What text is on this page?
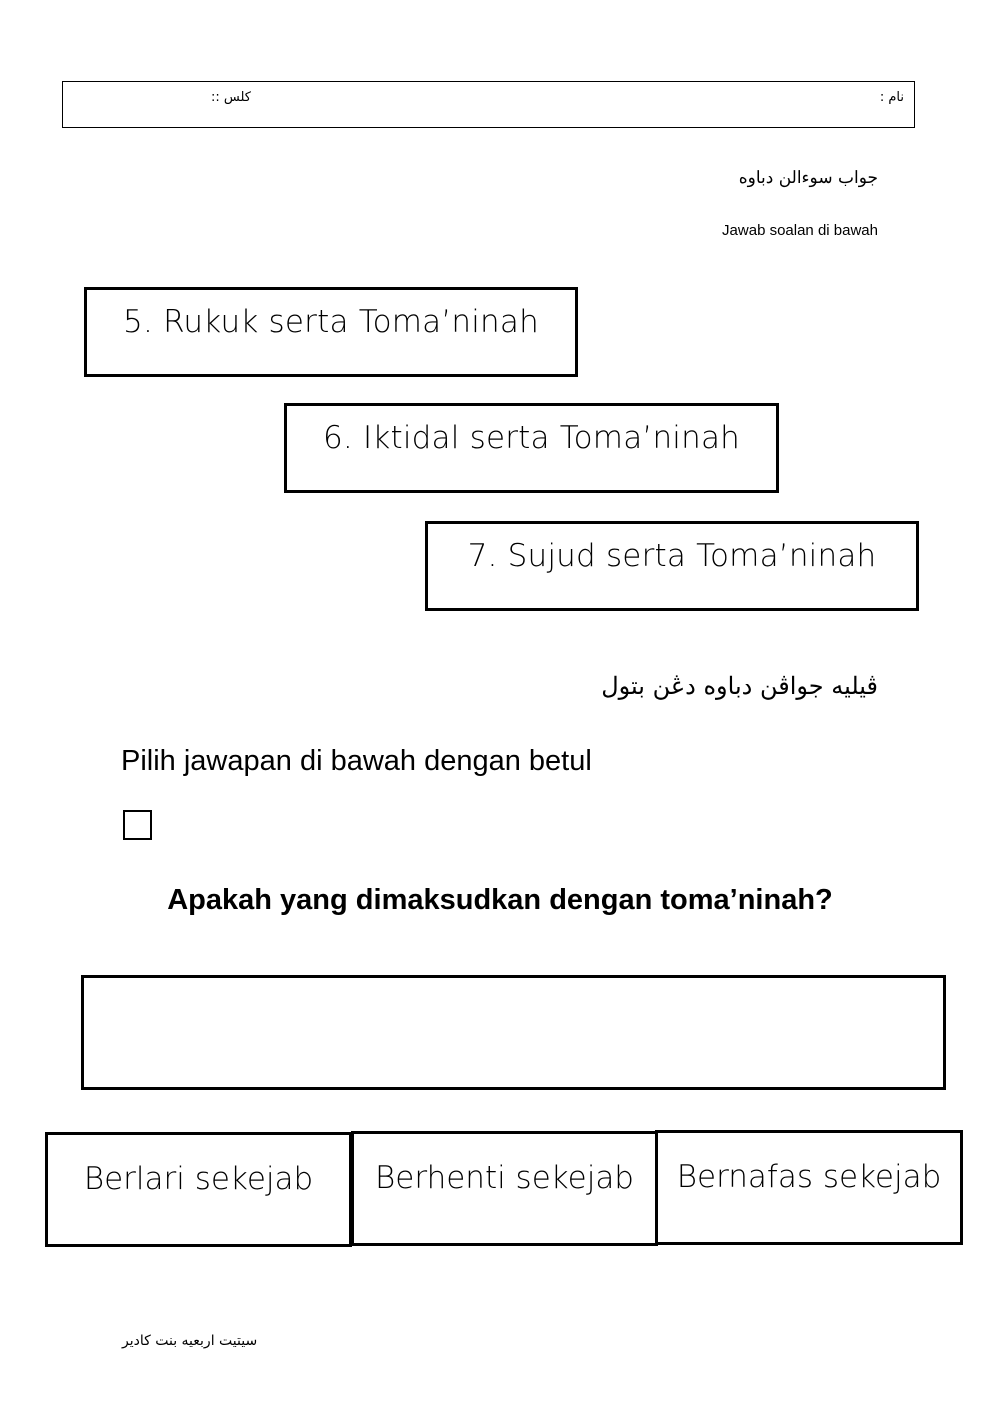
نام :
كلس ::
جواب سوءالن دباوه
Jawab soalan di bawah
5. Rukuk serta Toma’ninah
6. Iktidal serta Toma’ninah
7. Sujud serta Toma’ninah
ڤيليه جواڤن دباوه دڠن بتول
Pilih jawapan di bawah dengan betul
Apakah yang dimaksudkan dengan toma’ninah?
Berlari sekejab	Berhenti sekejab	Bernafas sekejab
سيتيت اربعيه بنت كادير
